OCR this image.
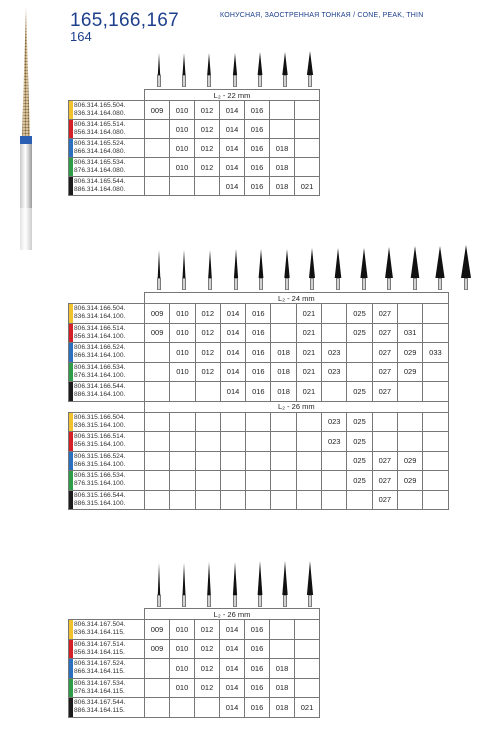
165,166,167
164
КОНУСНАЯ, ЗАОСТРЕННАЯ ТОНКАЯ / CONE, PEAK, THIN
	L₂ - 22 mm						

806.314.165.504.
836.314.164.080.	009	010	012	014	016		

806.314.165.514.
856.314.164.080.		010	012	014	016		

806.314.165.524.
866.314.164.080.		010	012	014	016	018	

806.314.165.534.
876.314.164.080.		010	012	014	016	018	

806.314.165.544.
886.314.164.080.				014	016	018	021
	L₂ - 24 mm											

806.314.166.504.
836.314.164.100.	009	010	012	014	016		021		025	027		

806.314.166.514.
856.314.164.100.	009	010	012	014	016		021		025	027	031	

806.314.166.524.
866.314.164.100.		010	012	014	016	018	021	023		027	029	033

806.314.166.534.
876.314.164.100.		010	012	014	016	018	021	023		027	029	

806.314.166.544.
886.314.164.100.				014	016	018	021		025	027		
	L₂ - 26 mm											

806.315.166.504.
836.315.164.100.								023	025			

806.315.166.514.
856.315.164.100.								023	025			

806.315.166.524.
866.315.164.100.									025	027	029	

806.315.166.534.
876.315.164.100.									025	027	029	

806.315.166.544.
886.315.164.100.										027		
	L₂ - 26 mm						

806.314.167.504.
836.314.164.115.	009	010	012	014	016		

806.314.167.514.
856.314.164.115.	009	010	012	014	016		

806.314.167.524.
866.314.164.115.		010	012	014	016	018	

806.314.167.534.
876.314.164.115.		010	012	014	016	018	

806.314.167.544.
886.314.164.115.				014	016	018	021
